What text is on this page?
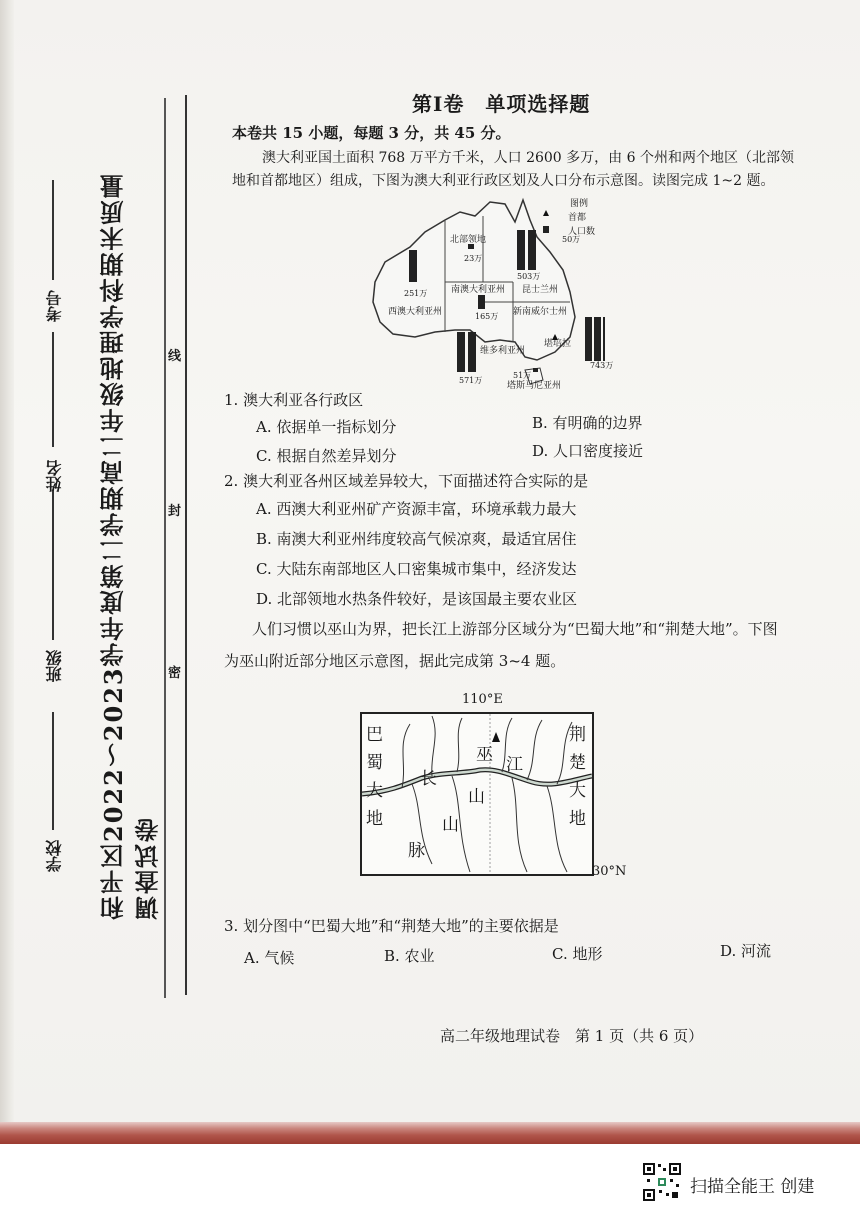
和平区2022～2023学年度第二学期高二年级地理学科期末质量调查试卷
学校
班级
姓名
考号
线
封
密
第Ⅰ卷　单项选择题
本卷共 15 小题，每题 3 分，共 45 分。
澳大利亚国土面积 768 万平方千米，人口 2600 多万，由 6 个州和两个地区（北部领
地和首都地区）组成，下图为澳大利亚行政区划及人口分布示意图。读图完成 1~2 题。
图例
首都
人口数
50万
西澳大利亚州
北部领地
南澳大利亚州 昆士兰州
新南威尔士州
维多利亚州
塔斯马尼亚州
堪培拉
251万
23万
503万
165万
571万
743万
51万
1. 澳大利亚各行政区
A. 依据单一指标划分	B. 有明确的边界
C. 根据自然差异划分	D. 人口密度接近
2. 澳大利亚各州区域差异较大，下面描述符合实际的是
A. 西澳大利亚州矿产资源丰富，环境承载力最大
B. 南澳大利亚州纬度较高气候凉爽，最适宜居住
C. 大陆东南部地区人口密集城市集中，经济发达
D. 北部领地水热条件较好，是该国最主要农业区
人们习惯以巫山为界，把长江上游部分区域分为“巴蜀大地”和“荆楚大地”。下图
为巫山附近部分地区示意图，据此完成第 3~4 题。
110°E
巴
蜀
大
地
荆
楚
大
地
长
江
巫
山
山
脉
30°N
3. 划分图中“巴蜀大地”和“荆楚大地”的主要依据是
A. 气候	B. 农业	C. 地形	D. 河流
高二年级地理试卷　第 1 页（共 6 页）
扫描全能王 创建
